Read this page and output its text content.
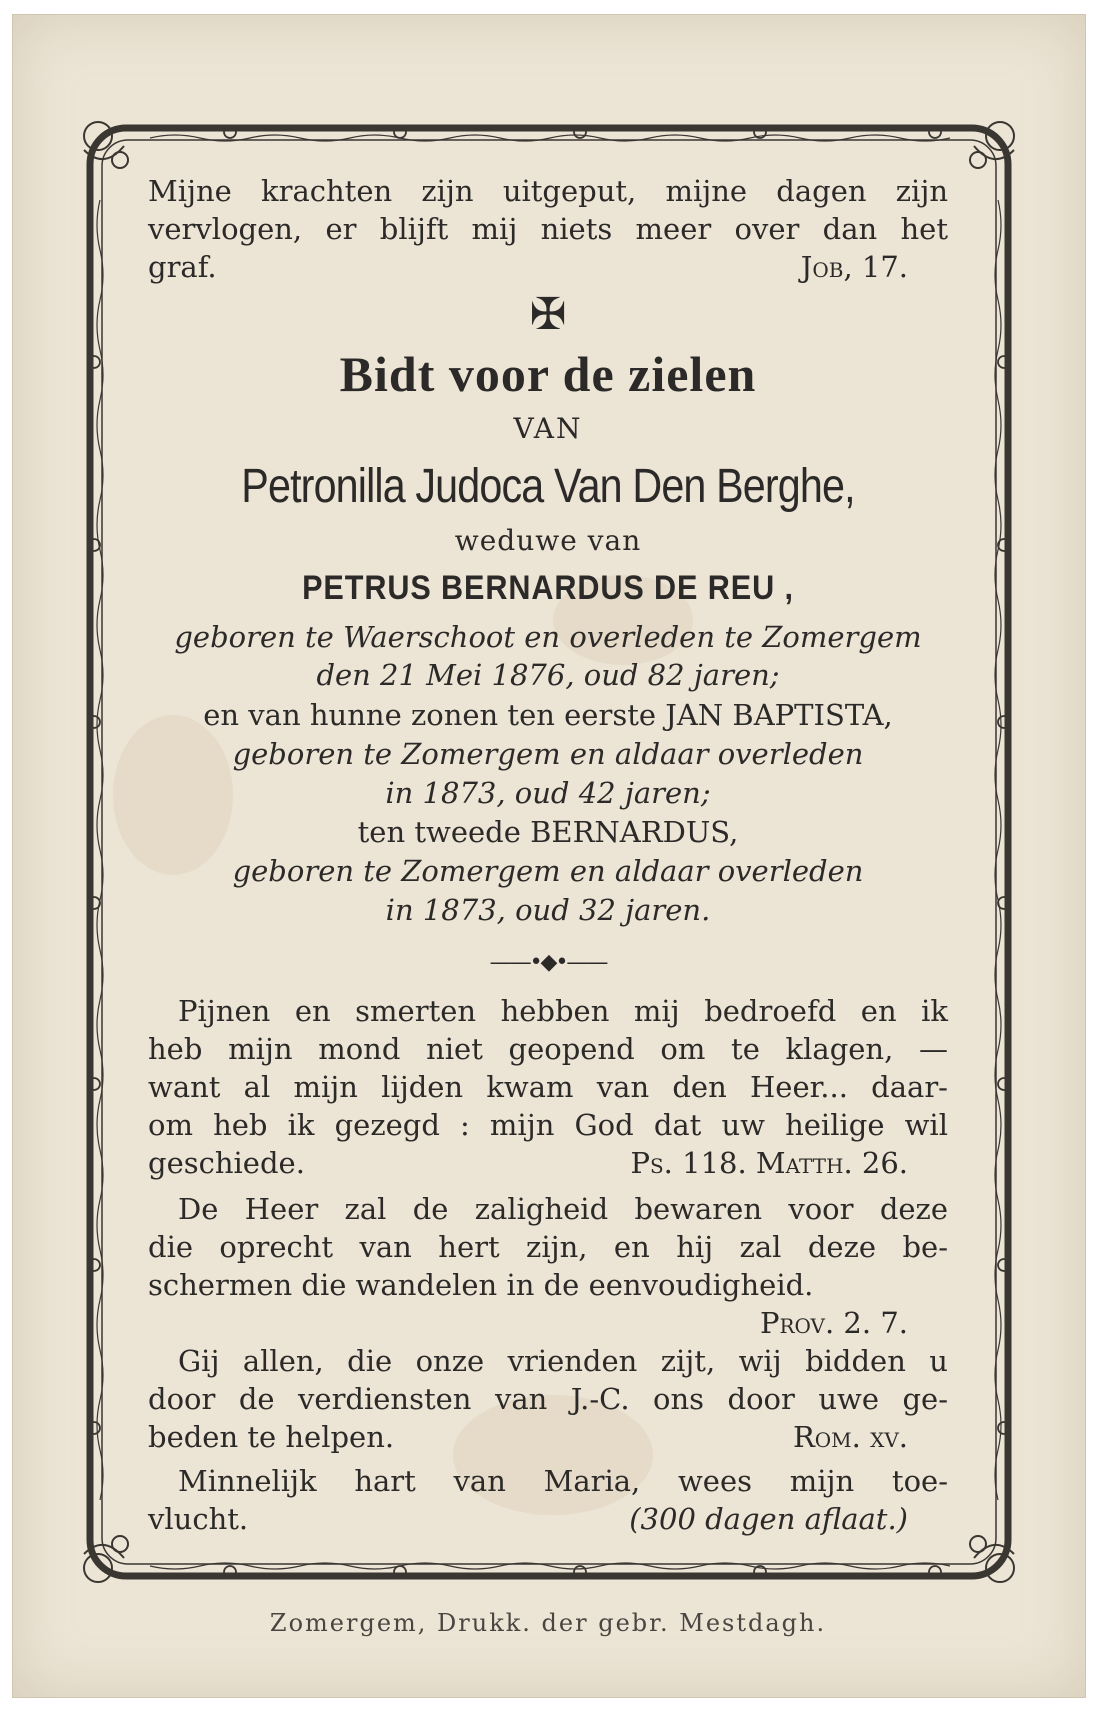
Mijne krachten zijn uitgeput, mijne dagen zijn
vervlogen, er blijft mij niets meer over dan het
graf.	Job, 17.
✠
Bidt voor de zielen
VAN
Petronilla Judoca Van Den Berghe,
weduwe van
PETRUS BERNARDUS DE REU ,
geboren te Waerschoot en overleden te Zomergem
den 21 Mei 1876, oud 82 jaren;
en van hunne zonen ten eerste JAN BAPTISTA,
geboren te Zomergem en aldaar overleden
in 1873, oud 42 jaren;
ten tweede BERNARDUS,
geboren te Zomergem en aldaar overleden
in 1873, oud 32 jaren.
——•◆•——
Pijnen en smerten hebben mij bedroefd en ik
heb mijn mond niet geopend om te klagen, —
want al mijn lijden kwam van den Heer... daar-
om heb ik gezegd : mijn God dat uw heilige wil
geschiede.	Ps. 118. Matth. 26.
De Heer zal de zaligheid bewaren voor deze
die oprecht van hert zijn, en hij zal deze be-
schermen die wandelen in de eenvoudigheid.
Prov. 2. 7.
Gij allen, die onze vrienden zijt, wij bidden u
door de verdiensten van J.-C. ons door uwe ge-
beden te helpen.	Rom. xv.
Minnelijk hart van Maria, wees mijn toe-
vlucht.	(300 dagen aflaat.)
Zomergem, Drukk. der gebr. Mestdagh.
